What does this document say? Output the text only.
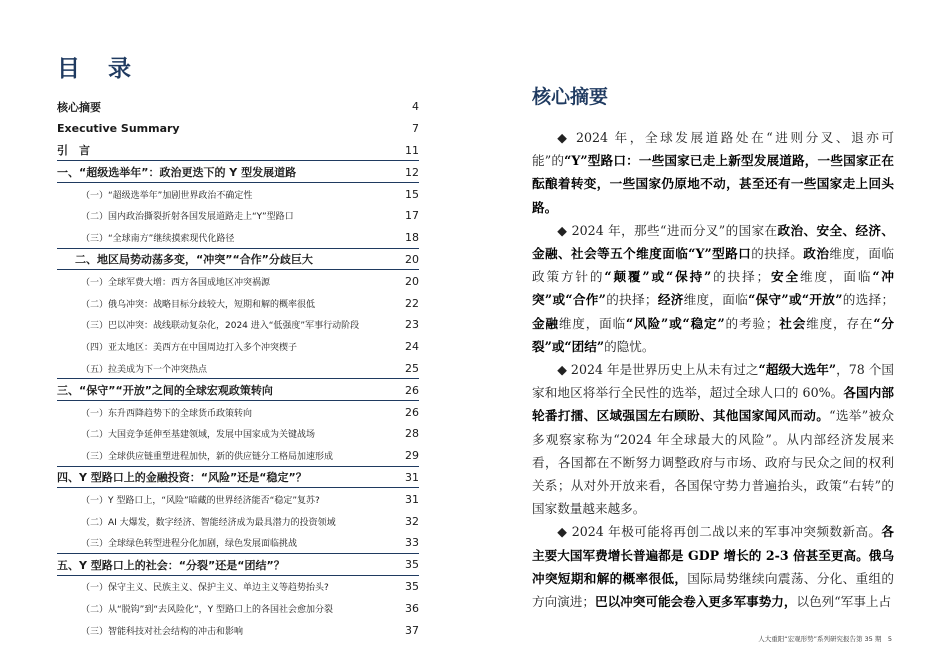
目 录
核心摘要	4
Executive Summary	7
引　言	11
一、“超级选举年”：政治更迭下的 Y 型发展道路	12
（一）“超级选举年”加剧世界政治不确定性	15
（二）国内政治撕裂折射各国发展道路走上“Y”型路口	17
（三）“全球南方”继续摸索现代化路径	18
二、地区局势动荡多变，“冲突”“合作”分歧巨大	20
（一）全球军费大增：西方各国成地区冲突祸源	20
（二）俄乌冲突：战略目标分歧较大，短期和解的概率很低	22
（三）巴以冲突：战线联动复杂化，2024 进入“低强度”军事行动阶段	23
（四）亚太地区：美西方在中国周边打入多个冲突楔子	24
（五）拉美成为下一个冲突热点	25
三、“保守”“开放”之间的全球宏观政策转向	26
（一）东升西降趋势下的全球货币政策转向	26
（二）大国竞争延伸至基建领域，发展中国家成为关键战场	28
（三）全球供应链重塑进程加快，新的供应链分工格局加速形成	29
四、Y 型路口上的金融投资：“风险”还是“稳定”？	31
（一）Y 型路口上，“风险”暗藏的世界经济能否“稳定”复苏?	31
（二）AI 大爆发，数字经济、智能经济成为最具潜力的投资领域	32
（三）全球绿色转型进程分化加剧，绿色发展面临挑战	33
五、Y 型路口上的社会：“分裂”还是“团结”？	35
（一）保守主义、民族主义、保护主义、单边主义等趋势抬头?	35
（二）从“脱钩”到“去风险化”，Y 型路口上的各国社会愈加分裂	36
（三）智能科技对社会结构的冲击和影响	37
核心摘要

◆ 2024 年，全球发展道路处在“进则分叉、退亦可能”的“Y”型路口：一些国家已走上新型发展道路，一些国家正在酝酿着转变，一些国家仍原地不动，甚至还有一些国家走上回头路。

◆ 2024 年，那些“进而分叉”的国家在政治、安全、经济、金融、社会等五个维度面临“Y”型路口的抉择。政治维度，面临政策方针的“颠覆”或“保持”的抉择；安全维度，面临“冲突”或“合作”的抉择；经济维度，面临“保守”或“开放”的选择；金融维度，面临“风险”或“稳定”的考验；社会维度，存在“分裂”或“团结”的隐忧。

◆ 2024 年是世界历史上从未有过之“超级大选年”，78 个国家和地区将举行全民性的选举，超过全球人口的 60%。各国内部轮番打擂、区域强国左右顾盼、其他国家闻风而动。“选举”被众多观察家称为“2024 年全球最大的风险”。从内部经济发展来看，各国都在不断努力调整政府与市场、政府与民众之间的权利关系；从对外开放来看，各国保守势力普遍抬头，政策“右转”的国家数量越来越多。

◆ 2024 年极可能将再创二战以来的军事冲突频数新高。各主要大国军费增长普遍都是 GDP 增长的 2-3 倍甚至更高。俄乌冲突短期和解的概率很低，国际局势继续向震荡、分化、重组的方向演进；巴以冲突可能会卷入更多军事势力，以色列“军事上占

人大重阳“宏观形势”系列研究报告第 35 期　5
